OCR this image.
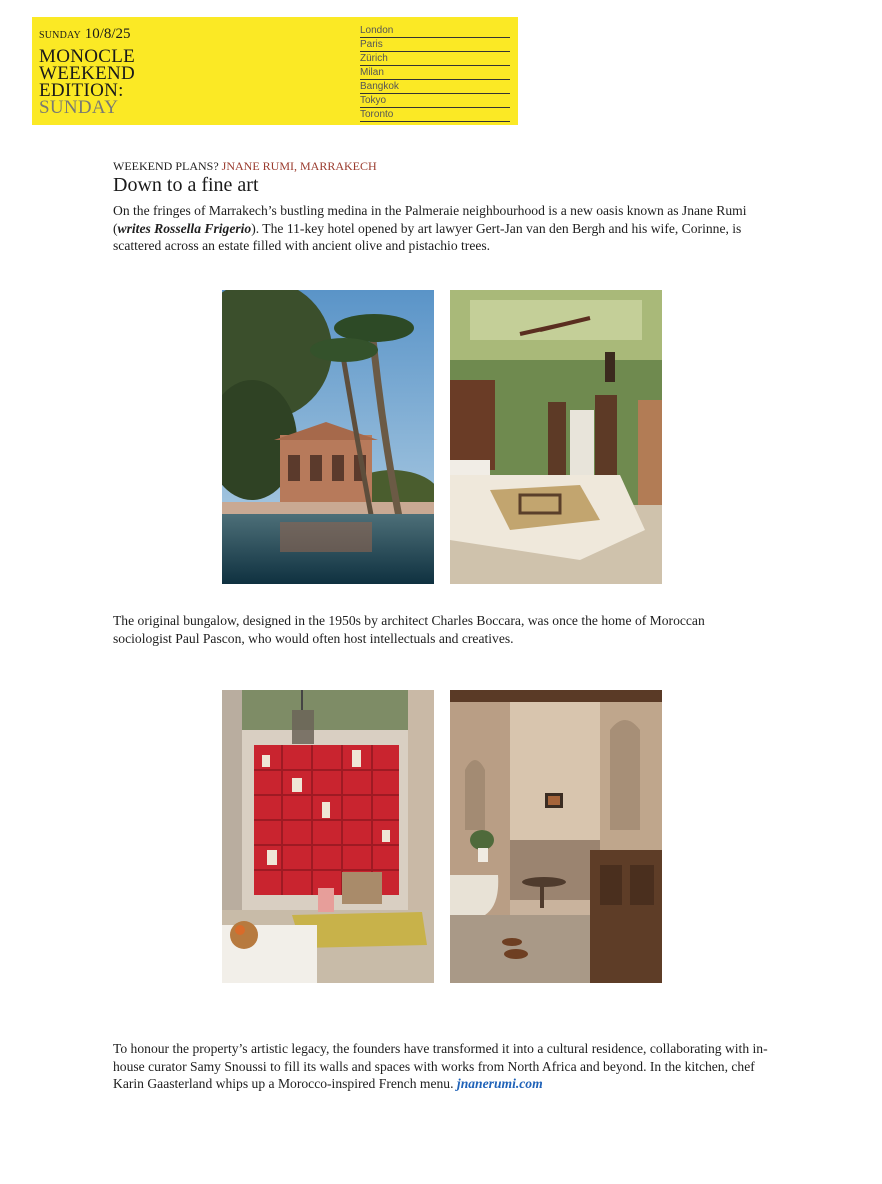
SUNDAY 10/8/25
MONOCLE
WEEKEND
EDITION:
SUNDAY
London
Paris
Zürich
Milan
Bangkok
Tokyo
Toronto
WEEKEND PLANS? JNANE RUMI, MARRAKECH
Down to a fine art

On the fringes of Marrakech’s bustling medina in the Palmeraie neighbourhood is a new oasis known as Jnane Rumi (writes Rossella Frigerio). The 11-key hotel opened by art lawyer Gert-Jan van den Bergh and his wife, Corinne, is scattered across an estate filled with ancient olive and pistachio trees.

The original bungalow, designed in the 1950s by architect Charles Boccara, was once the home of Moroccan sociologist Paul Pascon, who would often host intellectuals and creatives.

To honour the property’s artistic legacy, the founders have transformed it into a cultural residence, collaborating with in-house curator Samy Snoussi to fill its walls and spaces with works from North Africa and beyond. In the kitchen, chef Karin Gaasterland whips up a Morocco-inspired French menu. jnanerumi.com
